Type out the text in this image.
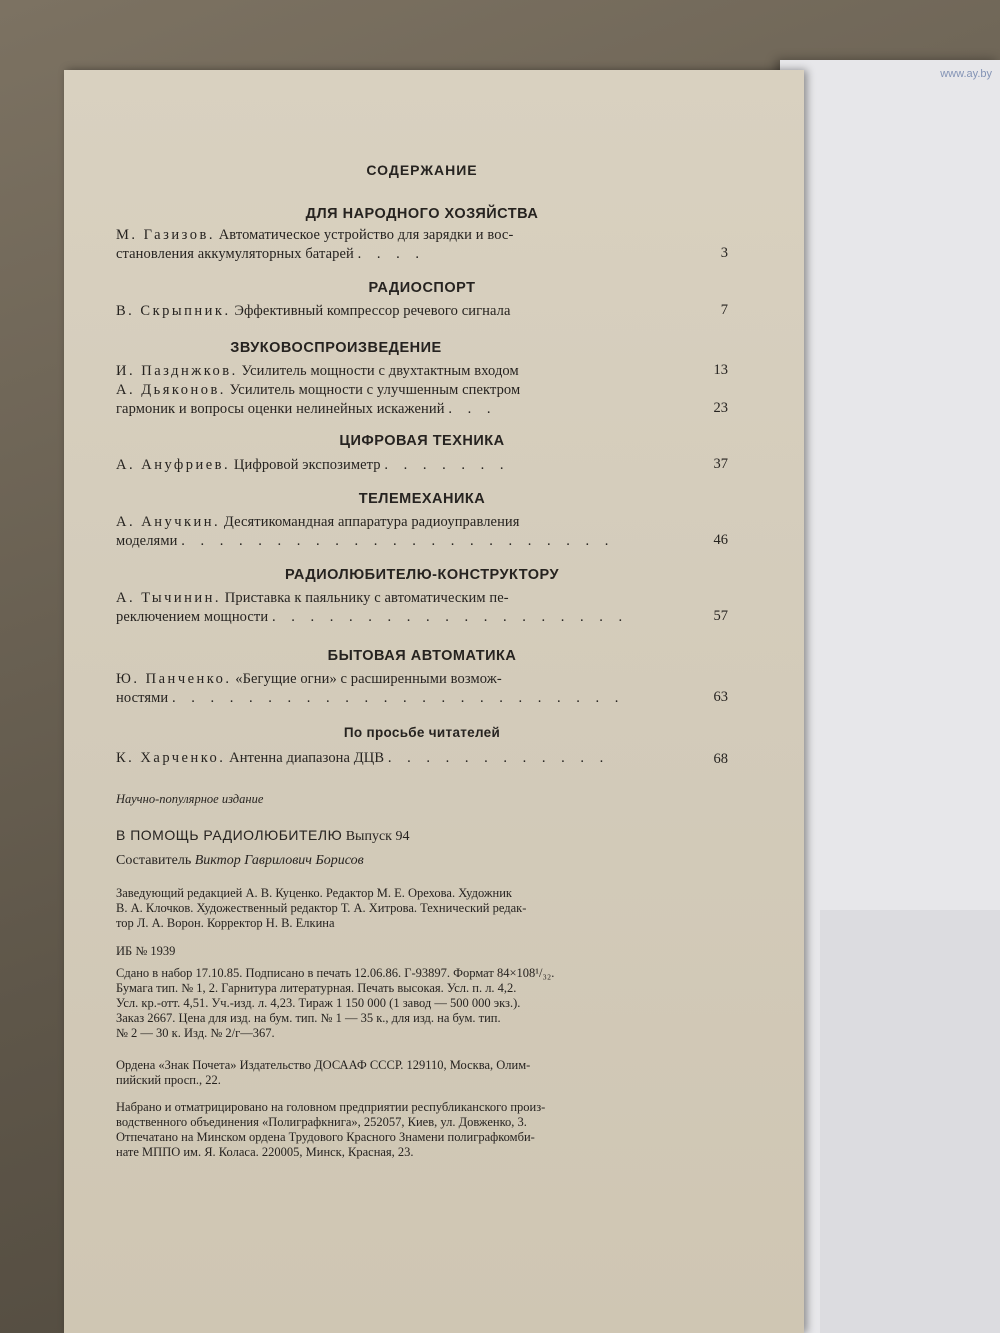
www.ay.by
СОДЕРЖАНИЕ
ДЛЯ НАРОДНОГО ХОЗЯЙСТВА
М. Газизов. Автоматическое устройство для зарядки и вос-
становления аккумуляторных батарей . . . .	3
РАДИОСПОРТ
В. Скрыпник. Эффективный компрессор речевого сигнала	7
ЗВУКОВОСПРОИЗВЕДЕНИЕ
И. Пазднжков. Усилитель мощности с двухтактным входом	13
А. Дьяконов. Усилитель мощности с улучшенным спектром
гармоник и вопросы оценки нелинейных искажений . . .	23
ЦИФРОВАЯ ТЕХНИКА
А. Ануфриев. Цифровой экспозиметр . . . . . . .	37
ТЕЛЕМЕХАНИКА
А. Анучкин. Десятикомандная аппаратура радиоуправления
моделями . . . . . . . . . . . . . . . . . . . . . . .	46
РАДИОЛЮБИТЕЛЮ-КОНСТРУКТОРУ
А. Тычинин. Приставка к паяльнику с автоматическим пе-
реключением мощности . . . . . . . . . . . . . . . . . . .	57
БЫТОВАЯ АВТОМАТИКА
Ю. Панченко. «Бегущие огни» с расширенными возмож-
ностями . . . . . . . . . . . . . . . . . . . . . . . .	63
По просьбе читателей
К. Харченко. Антенна диапазона ДЦВ . . . . . . . . . . . .	68
Научно-популярное издание
В ПОМОЩЬ РАДИОЛЮБИТЕЛЮ Выпуск 94
Составитель Виктор Гаврилович Борисов
Заведующий редакцией А. В. Куценко. Редактор М. Е. Орехова. Художник
В. А. Клочков. Художественный редактор Т. А. Хитрова. Технический редак-
тор Л. А. Ворон. Корректор Н. В. Елкина
ИБ № 1939
Сдано в набор 17.10.85. Подписано в печать 12.06.86. Г-93897. Формат 84×108¹/₃₂.
Бумага тип. № 1, 2. Гарнитура литературная. Печать высокая. Усл. п. л. 4,2.
Усл. кр.-отт. 4,51. Уч.-изд. л. 4,23. Тираж 1 150 000 (1 завод — 500 000 экз.).
Заказ 2667. Цена для изд. на бум. тип. № 1 — 35 к., для изд. на бум. тип.
№ 2 — 30 к. Изд. № 2/г—367.
Ордена «Знак Почета» Издательство ДОСААФ СССР. 129110, Москва, Олим-
пийский просп., 22.
Набрано и отматрицировано на головном предприятии республиканского произ-
водственного объединения «Полиграфкнига», 252057, Киев, ул. Довженко, 3.
Отпечатано на Минском ордена Трудового Красного Знамени полиграфкомби-
нате МППО им. Я. Коласа. 220005, Минск, Красная, 23.
